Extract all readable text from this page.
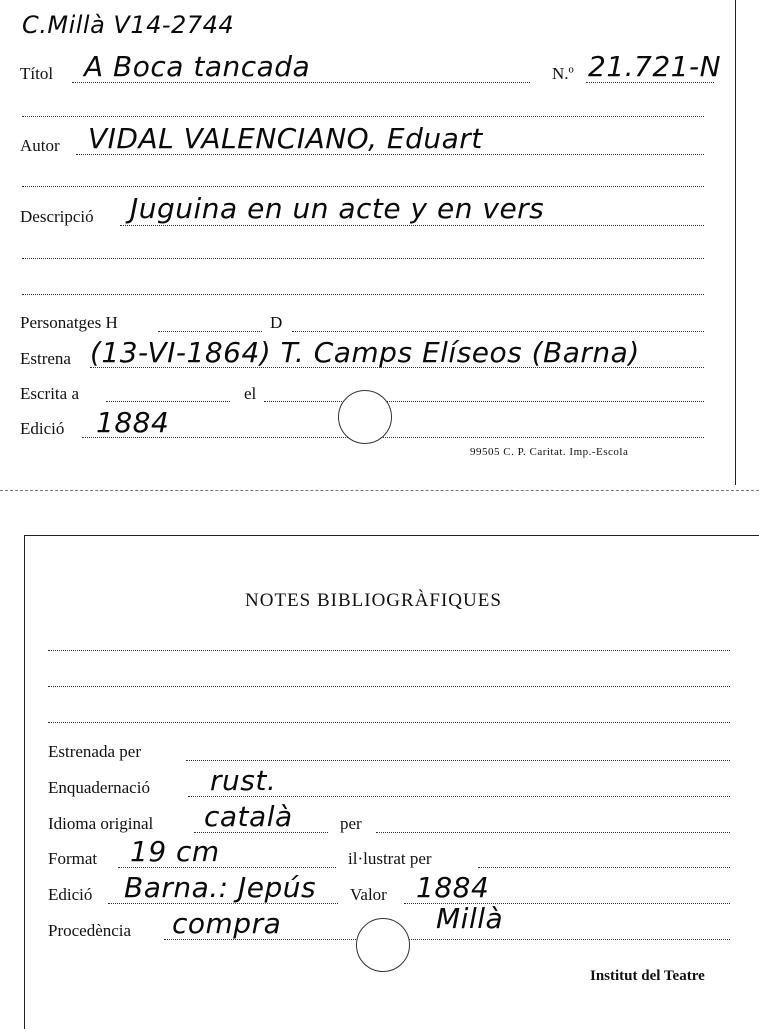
C.Millà V14-2744
Títol A Boca tancada	N.º 21.721-N
Autor VIDAL VALENCIANO, Eduart
Descripció Juguina en un acte y en vers
Personatges H	D
Estrena (13-VI-1864) T. Camps Elíseos (Barna)
Escrita a	el
Edició 1884
99505 C. P. Caritat. Imp.-Escola
NOTES BIBLIOGRÀFIQUES
Estrenada per
Enquadernació rust.
Idioma original català	per
Format 19 cm	il·lustrat per
Edició Barna.: Jepús Valor 1884
Procedència compra	Millà
Institut del Teatre
